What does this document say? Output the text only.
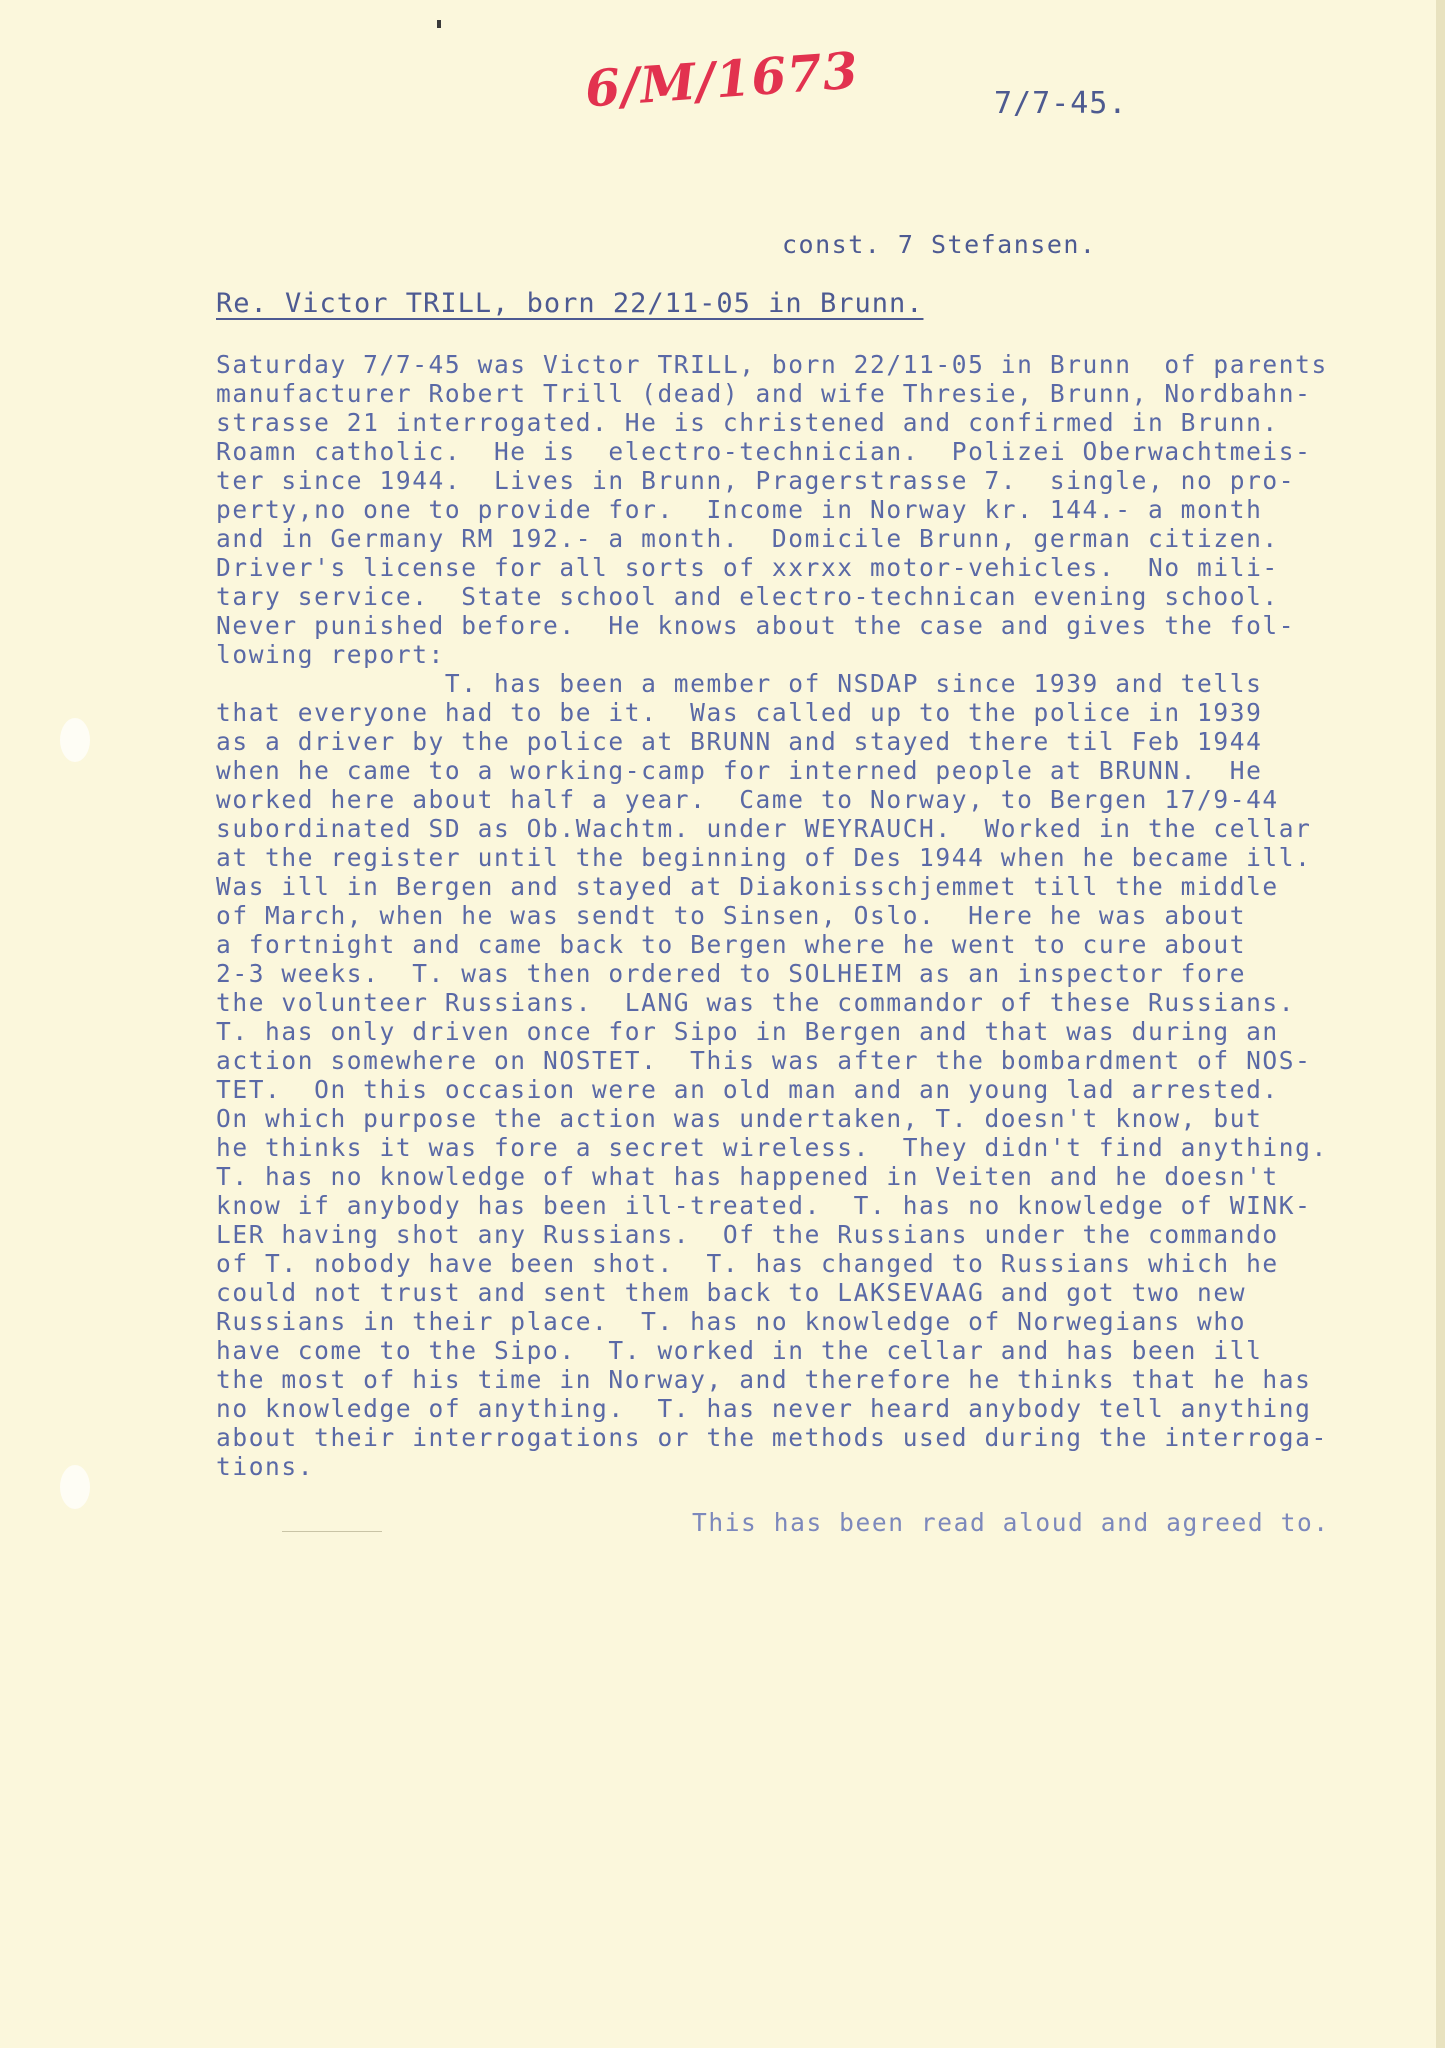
6/M/1673	7/7-45.
const. 7 Stefansen.
Re. Victor TRILL, born 22/11-05 in Brunn.
Saturday 7/7-45 was Victor TRILL, born 22/11-05 in Brunn  of parents
manufacturer Robert Trill (dead) and wife Thresie, Brunn, Nordbahn-
strasse 21 interrogated. He is christened and confirmed in Brunn.
Roamn catholic.  He is  electro-technician.  Polizei Oberwachtmeis-
ter since 1944.  Lives in Brunn, Pragerstrasse 7.  single, no pro-
perty,no one to provide for.  Income in Norway kr. 144.- a month
and in Germany RM 192.- a month.  Domicile Brunn, german citizen.
Driver's license for all sorts of xxrxx motor-vehicles.  No mili-
tary service.  State school and electro-technican evening school.
Never punished before.  He knows about the case and gives the fol-
lowing report:
T. has been a member of NSDAP since 1939 and tells
that everyone had to be it.  Was called up to the police in 1939
as a driver by the police at BRUNN and stayed there til Feb 1944
when he came to a working-camp for interned people at BRUNN.  He
worked here about half a year.  Came to Norway, to Bergen 17/9-44
subordinated SD as Ob.Wachtm. under WEYRAUCH.  Worked in the cellar
at the register until the beginning of Des 1944 when he became ill.
Was ill in Bergen and stayed at Diakonisschjemmet till the middle
of March, when he was sendt to Sinsen, Oslo.  Here he was about
a fortnight and came back to Bergen where he went to cure about
2-3 weeks.  T. was then ordered to SOLHEIM as an inspector fore
the volunteer Russians.  LANG was the commandor of these Russians.
T. has only driven once for Sipo in Bergen and that was during an
action somewhere on NOSTET.  This was after the bombardment of NOS-
TET.  On this occasion were an old man and an young lad arrested.
On which purpose the action was undertaken, T. doesn't know, but
he thinks it was fore a secret wireless.  They didn't find anything.
T. has no knowledge of what has happened in Veiten and he doesn't
know if anybody has been ill-treated.  T. has no knowledge of WINK-
LER having shot any Russians.  Of the Russians under the commando
of T. nobody have been shot.  T. has changed to Russians which he
could not trust and sent them back to LAKSEVAAG and got two new
Russians in their place.  T. has no knowledge of Norwegians who
have come to the Sipo.  T. worked in the cellar and has been ill
the most of his time in Norway, and therefore he thinks that he has
no knowledge of anything.  T. has never heard anybody tell anything
about their interrogations or the methods used during the interroga-
tions.
This has been read aloud and agreed to.
